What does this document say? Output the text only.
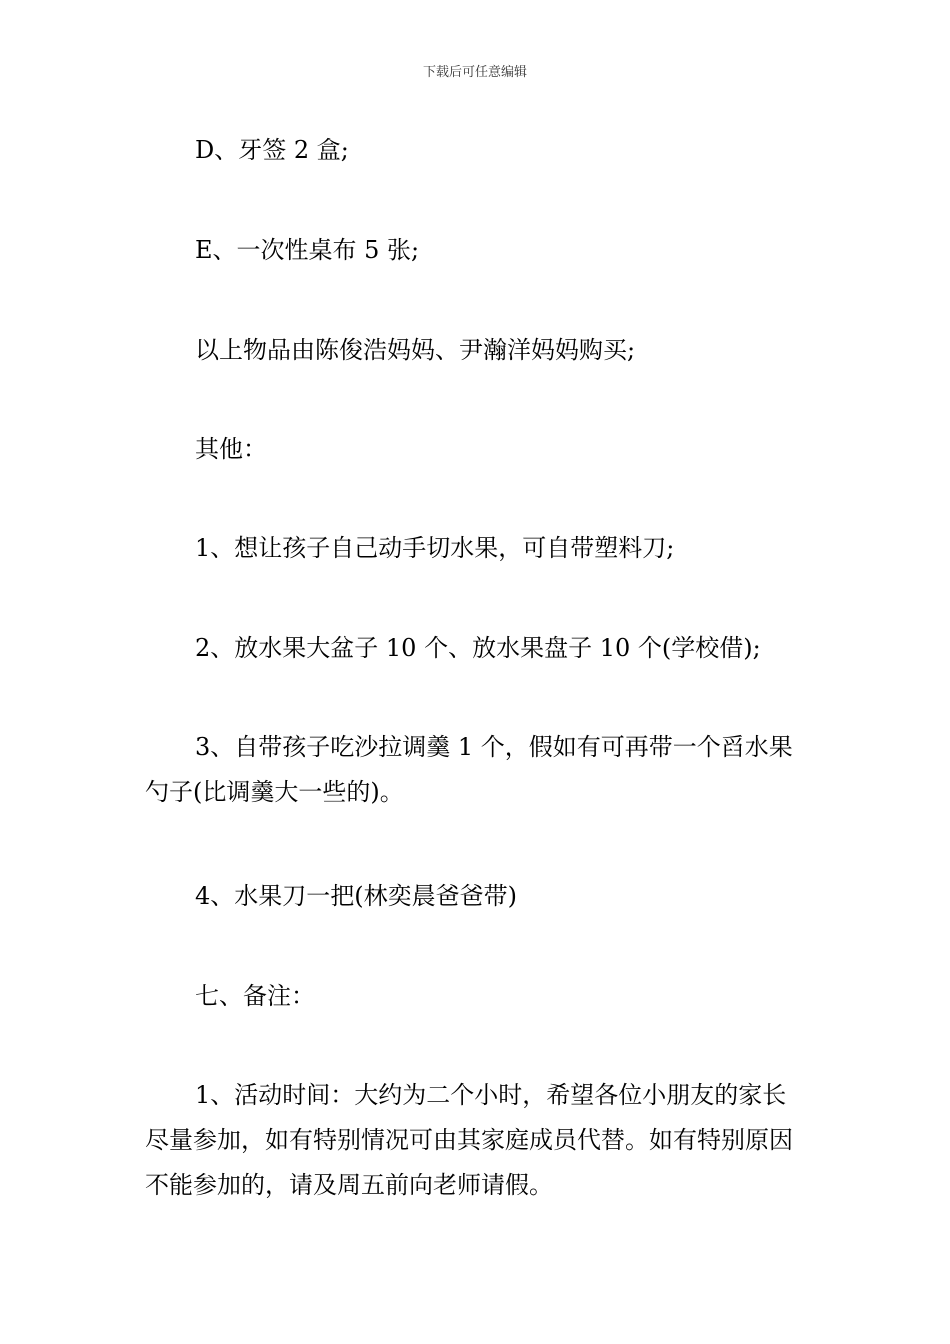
下载后可任意编辑

D、牙签 2 盒;

E、一次性桌布 5 张;

以上物品由陈俊浩妈妈、尹瀚洋妈妈购买;

其他：

1、想让孩子自己动手切水果，可自带塑料刀;

2、放水果大盆子 10 个、放水果盘子 10 个(学校借);

3、自带孩子吃沙拉调羹 1 个，假如有可再带一个舀水果勺子(比调羹大一些的)。

4、水果刀一把(林奕晨爸爸带)

七、备注：

1、活动时间：大约为二个小时，希望各位小朋友的家长尽量参加，如有特别情况可由其家庭成员代替。如有特别原因不能参加的，请及周五前向老师请假。
